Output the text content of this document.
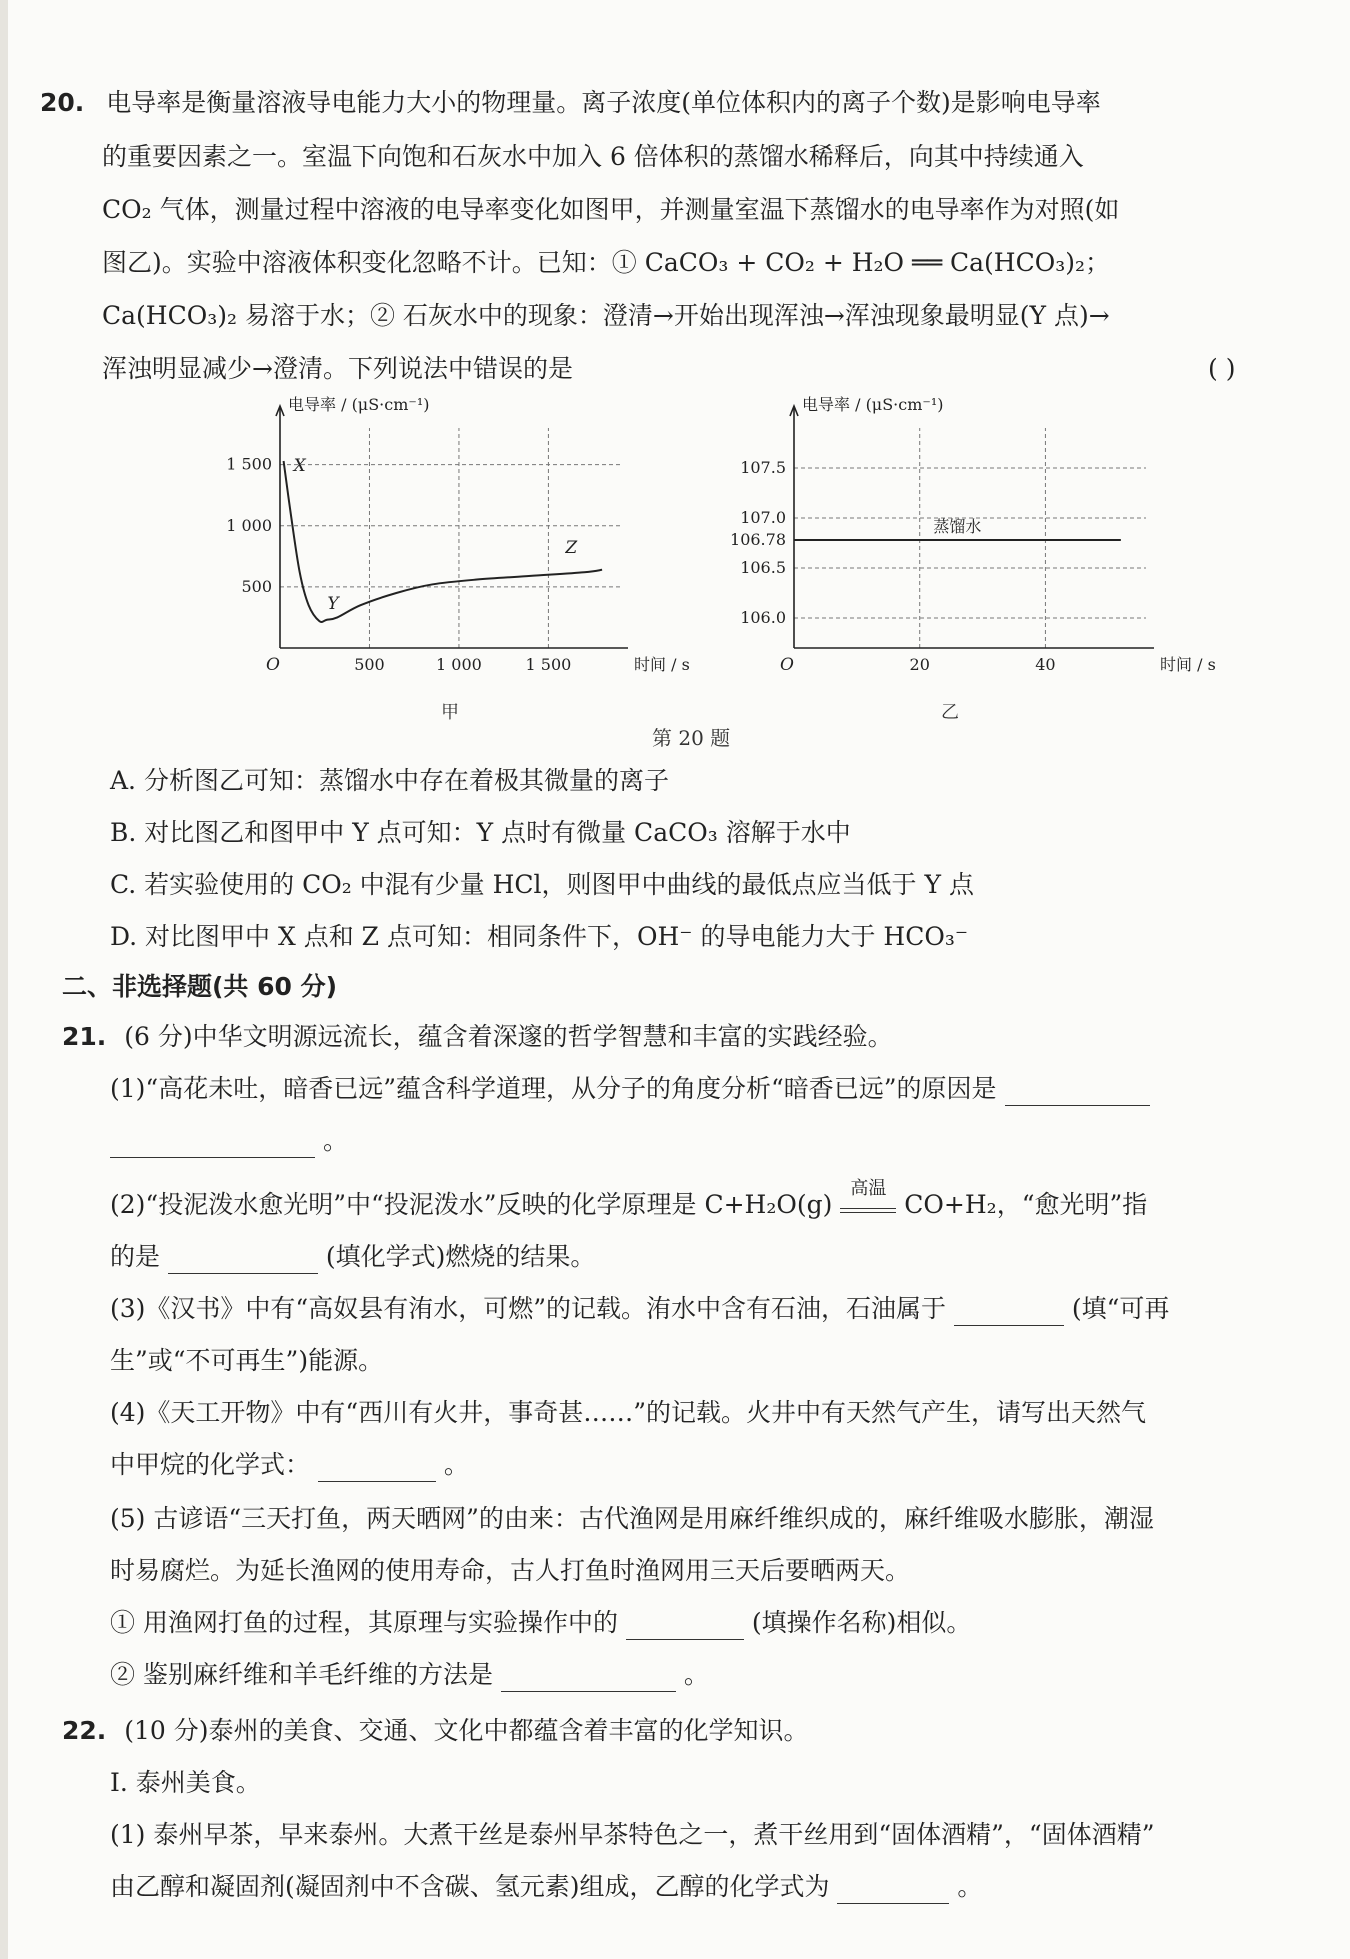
20. 电导率是衡量溶液导电能力大小的物理量。离子浓度(单位体积内的离子个数)是影响电导率
的重要因素之一。室温下向饱和石灰水中加入 6 倍体积的蒸馏水稀释后，向其中持续通入
CO₂ 气体，测量过程中溶液的电导率变化如图甲，并测量室温下蒸馏水的电导率作为对照(如
图乙)。实验中溶液体积变化忽略不计。已知：① CaCO₃ + CO₂ + H₂O ══ Ca(HCO₃)₂；
Ca(HCO₃)₂ 易溶于水；② 石灰水中的现象：澄清→开始出现浑浊→浑浊现象最明显(Y 点)→
浑浊明显减少→澄清。下列说法中错误的是	( )
电导率 / (μS·cm⁻¹)
O	500	1 000	1 500
500
1 000
1 500
时间 / s
X
Y
Z
甲
电导率 / (μS·cm⁻¹)
O	20	40
106.0
106.5
106.78
107.0
107.5
时间 / s
蒸馏水
乙
第 20 题
A. 分析图乙可知：蒸馏水中存在着极其微量的离子
B. 对比图乙和图甲中 Y 点可知：Y 点时有微量 CaCO₃ 溶解于水中
C. 若实验使用的 CO₂ 中混有少量 HCl，则图甲中曲线的最低点应当低于 Y 点
D. 对比图甲中 X 点和 Z 点可知：相同条件下，OH⁻ 的导电能力大于 HCO₃⁻
二、非选择题(共 60 分)
21. (6 分)中华文明源远流长，蕴含着深邃的哲学智慧和丰富的实践经验。
(1)“高花未吐，暗香已远”蕴含科学道理，从分子的角度分析“暗香已远”的原因是
。
(2)“投泥泼水愈光明”中“投泥泼水”反映的化学原理是 C+H₂O(g)
高温
CO+H₂，“愈光明”指
的是	(填化学式)燃烧的结果。
(3)《汉书》中有“高奴县有洧水，可燃”的记载。洧水中含有石油，石油属于	(填“可再
生”或“不可再生”)能源。
(4)《天工开物》中有“西川有火井，事奇甚……”的记载。火井中有天然气产生，请写出天然气
中甲烷的化学式：	。
(5) 古谚语“三天打鱼，两天晒网”的由来：古代渔网是用麻纤维织成的，麻纤维吸水膨胀，潮湿
时易腐烂。为延长渔网的使用寿命，古人打鱼时渔网用三天后要晒两天。
① 用渔网打鱼的过程，其原理与实验操作中的	(填操作名称)相似。
② 鉴别麻纤维和羊毛纤维的方法是	。
22. (10 分)泰州的美食、交通、文化中都蕴含着丰富的化学知识。
Ⅰ. 泰州美食。
(1) 泰州早茶，早来泰州。大煮干丝是泰州早茶特色之一，煮干丝用到“固体酒精”，“固体酒精”
由乙醇和凝固剂(凝固剂中不含碳、氢元素)组成，乙醇的化学式为	。
